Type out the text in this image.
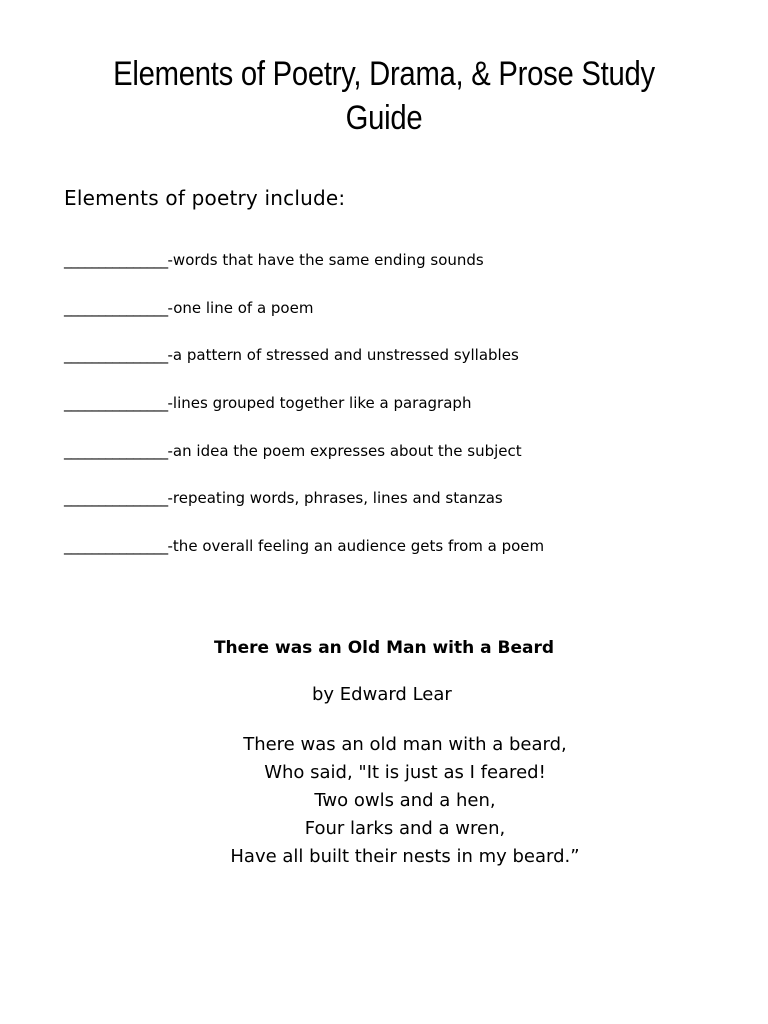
Elements of Poetry, Drama, & Prose Study Guide
Elements of poetry include:
_______________-words that have the same ending sounds
_______________-one line of a poem
_______________-a pattern of stressed and unstressed syllables
_______________-lines grouped together like a paragraph
_______________-an idea the poem expresses about the subject
_______________-repeating words, phrases, lines and stanzas
_______________-the overall feeling an audience gets from a poem
There was an Old Man with a Beard
by Edward Lear
There was an old man with a beard,
Who said, "It is just as I feared!
Two owls and a hen,
Four larks and a wren,
Have all built their nests in my beard.”
